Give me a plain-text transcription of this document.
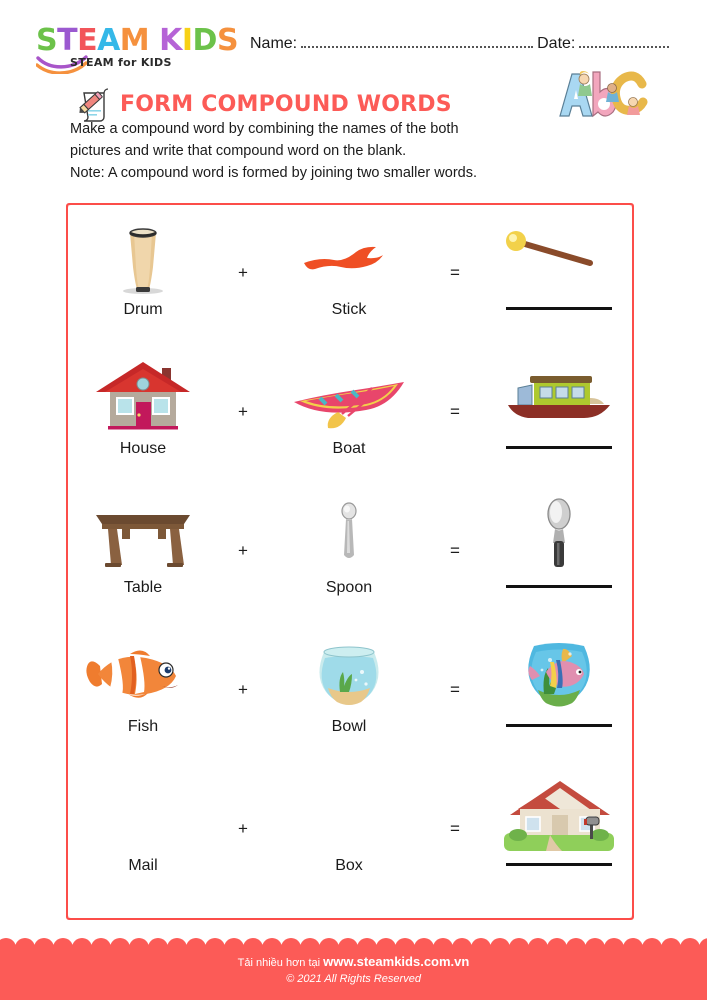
STEAM KIDS
STEAM for KIDS
Name:	Date:
FORM COMPOUND WORDS
Make a compound word by combining the names of the both
pictures and write that compound word on the blank.
Note: A compound word is formed by joining two smaller words.
Drum
+
Stick
=
House
+
Boat
=
Table
+
Spoon
=
Fish
+
Bowl
=
Mail
+
Box
=
Tải nhiều hơn tại www.steamkids.com.vn
© 2021 All Rights Reserved
